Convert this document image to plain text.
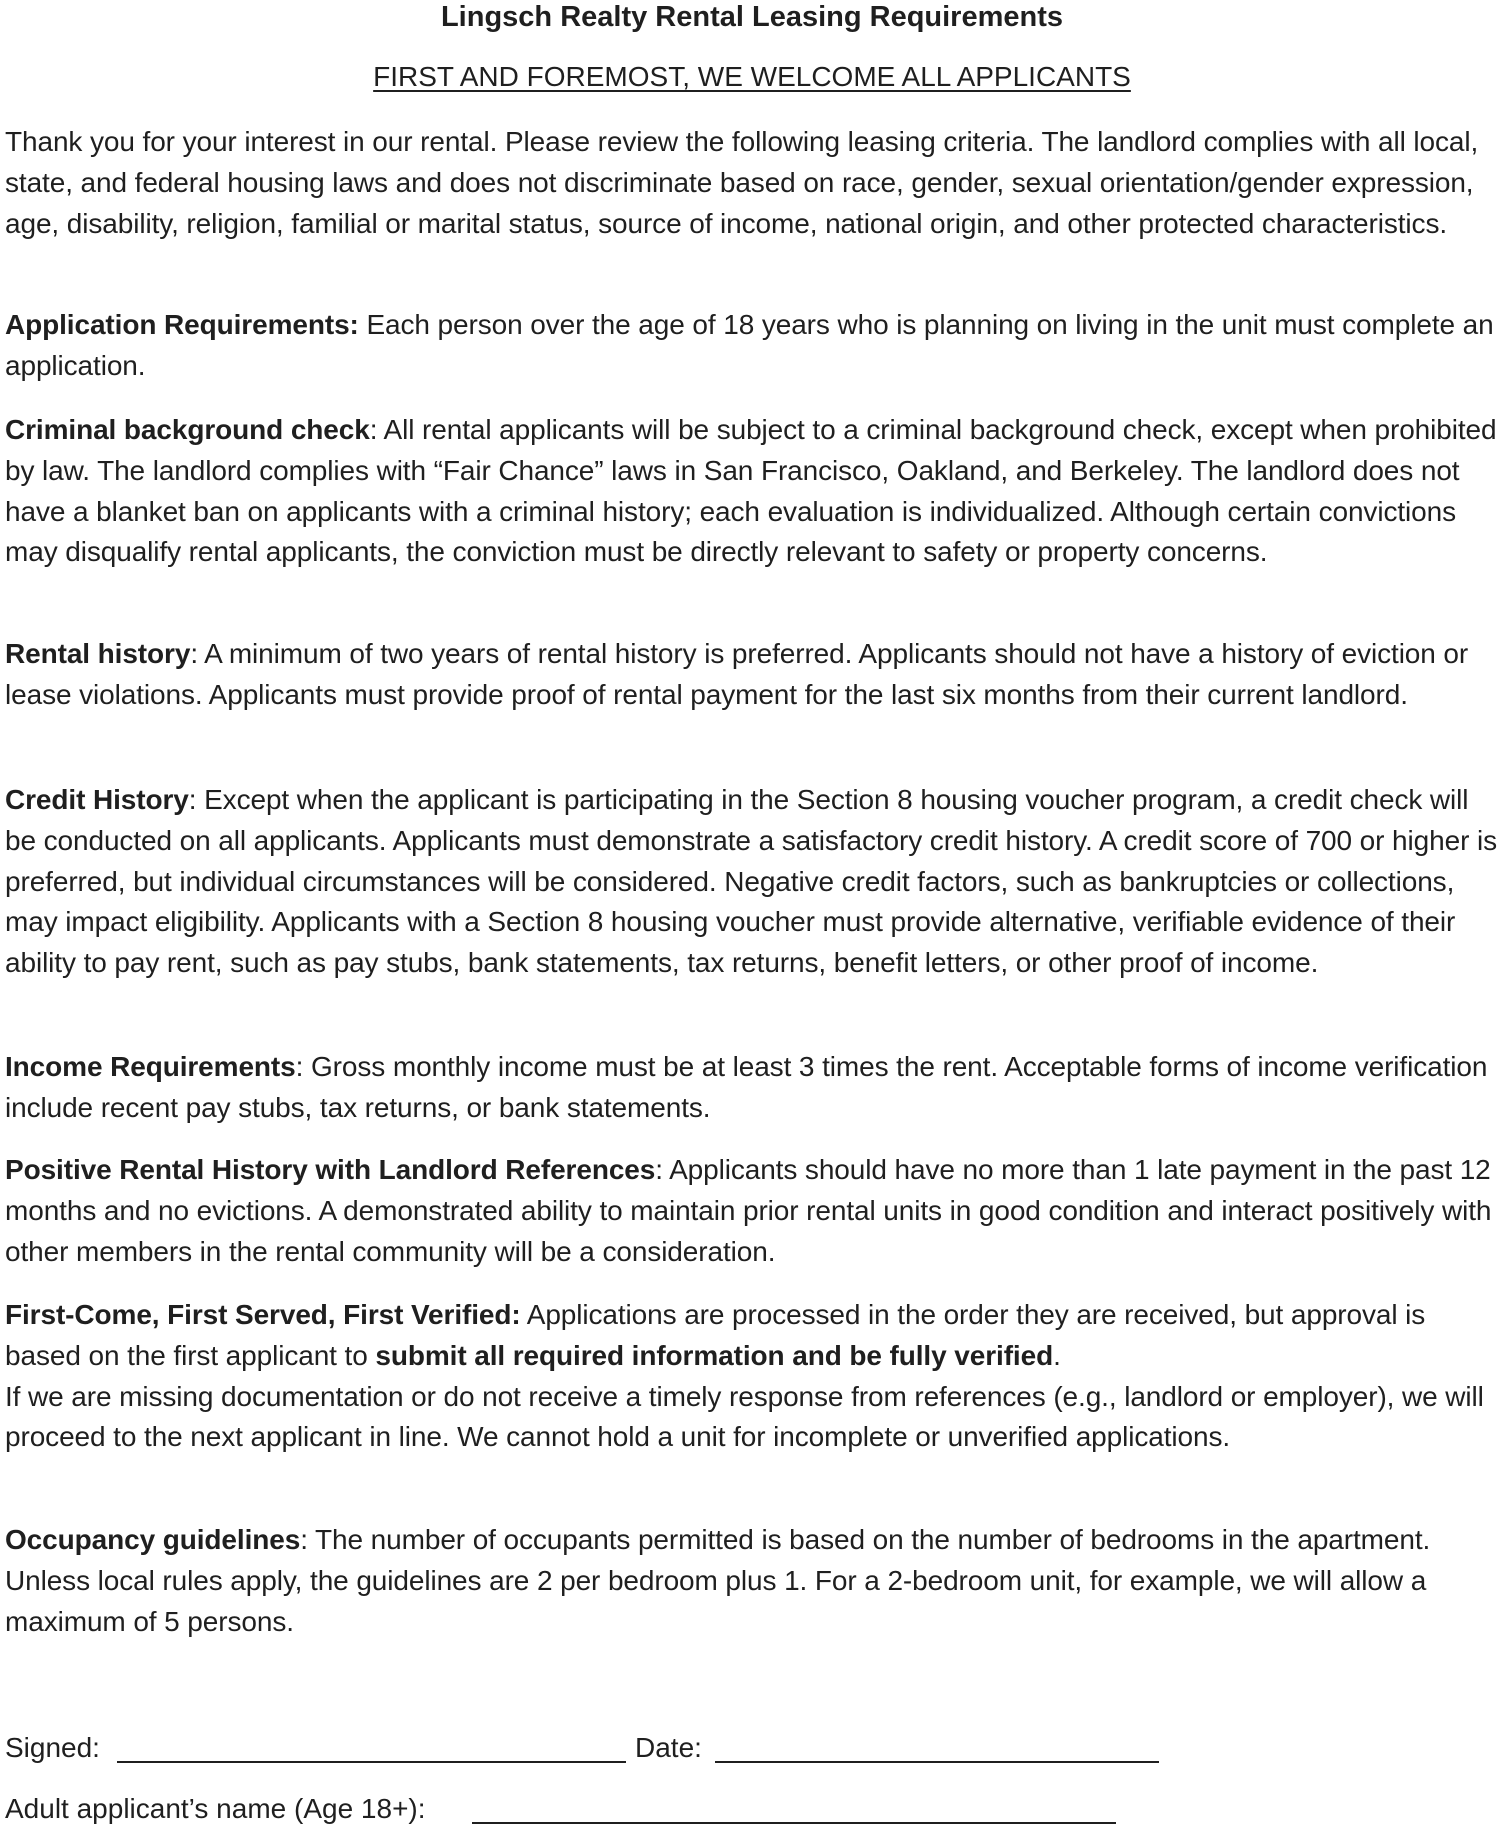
Lingsch Realty Rental Leasing Requirements
FIRST AND FOREMOST, WE WELCOME ALL APPLICANTS

Thank you for your interest in our rental. Please review the following leasing criteria. The landlord complies with all local, state, and federal housing laws and does not discriminate based on race, gender, sexual orientation/gender expression, age, disability, religion, familial or marital status, source of income, national origin, and other protected characteristics.

Application Requirements: Each person over the age of 18 years who is planning on living in the unit must complete an application.

Criminal background check: All rental applicants will be subject to a criminal background check, except when prohibited by law. The landlord complies with “Fair Chance” laws in San Francisco, Oakland, and Berkeley. The landlord does not have a blanket ban on applicants with a criminal history; each evaluation is individualized. Although certain convictions may disqualify rental applicants, the conviction must be directly relevant to safety or property concerns.

Rental history: A minimum of two years of rental history is preferred. Applicants should not have a history of eviction or lease violations. Applicants must provide proof of rental payment for the last six months from their current landlord.

Credit History: Except when the applicant is participating in the Section 8 housing voucher program, a credit check will be conducted on all applicants. Applicants must demonstrate a satisfactory credit history. A credit score of 700 or higher is preferred, but individual circumstances will be considered. Negative credit factors, such as bankruptcies or collections, may impact eligibility. Applicants with a Section 8 housing voucher must provide alternative, verifiable evidence of their ability to pay rent, such as pay stubs, bank statements, tax returns, benefit letters, or other proof of income.

Income Requirements: Gross monthly income must be at least 3 times the rent. Acceptable forms of income verification include recent pay stubs, tax returns, or bank statements.

Positive Rental History with Landlord References: Applicants should have no more than 1 late payment in the past 12 months and no evictions. A demonstrated ability to maintain prior rental units in good condition and interact positively with other members in the rental community will be a consideration.

First-Come, First Served, First Verified: Applications are processed in the order they are received, but approval is based on the first applicant to submit all required information and be fully verified.
If we are missing documentation or do not receive a timely response from references (e.g., landlord or employer), we will proceed to the next applicant in line. We cannot hold a unit for incomplete or unverified applications.

Occupancy guidelines: The number of occupants permitted is based on the number of bedrooms in the apartment. Unless local rules apply, the guidelines are 2 per bedroom plus 1. For a 2-bedroom unit, for example, we will allow a maximum of 5 persons.

Signed:	Date:
Adult applicant’s name (Age 18+):
